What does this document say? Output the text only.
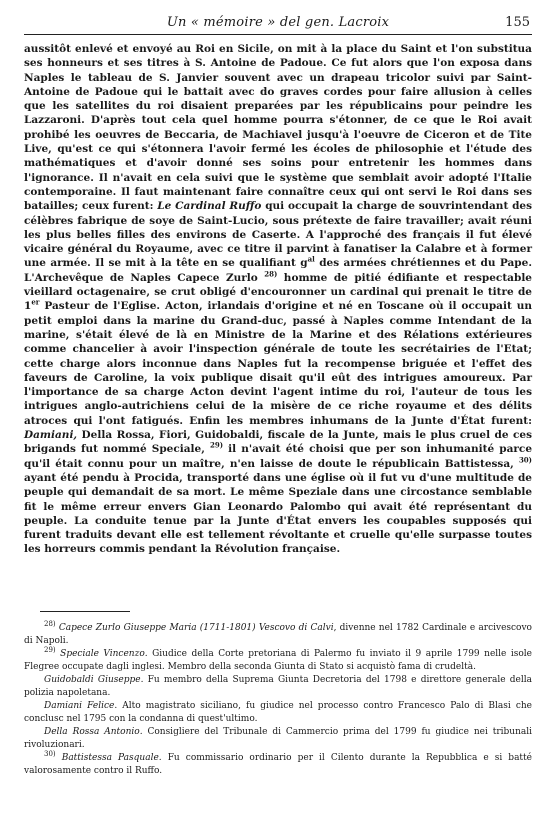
Un « mémoire » del gen. Lacroix	155

aussitôt enlevé et envoyé au Roi en Sicile, on mit à la place du Saint et l'on substitua ses honneurs et ses titres à S. Antoine de Padoue. Ce fut alors que l'on exposa dans Naples le tableau de S. Janvier souvent avec un drapeau tricolor suivi par Saint-Antoine de Padoue qui le battait avec do graves cordes pour faire allusion à celles que les satellites du roi disaient preparées par les républicains pour peindre les Lazzaroni. D'après tout cela quel homme pourra s'étonner, de ce que le Roi avait prohibé les oeuvres de Beccaria, de Machiavel jusqu'à l'oeuvre de Ciceron et de Tite Live, qu'est ce qui s'étonnera l'avoir fermé les écoles de philosophie et l'étude des mathématiques et d'avoir donné ses soins pour entretenir les hommes dans l'ignorance. Il n'avait en cela suivi que le système que semblait avoir adopté l'Italie contemporaine. Il faut maintenant faire connaître ceux qui ont servi le Roi dans ses batailles; ceux furent: Le Cardinal Ruffo qui occupait la charge de souvrintendant des célèbres fabrique de soye de Saint-Lucio, sous prétexte de faire travailler; avait réuni les plus belles filles des environs de Caserte. A l'approché des français il fut élevé vicaire général du Royaume, avec ce titre il parvint à fanatiser la Calabre et à former une armée. Il se mit à la tête en se qualifiant $g^{al}$ des armées chrétiennes et du Pape. L'Archevêque de Naples Capece Zurlo $^{28)}$ homme de pitié édifiante et respectable vieillard octagenaire, se crut obligé d'encouronner un cardinal qui prenait le titre de 1er Pasteur de l'Eglise. Acton, irlandais d'origine et né en Toscane où il occupait un petit emploi dans la marine du Grand-duc, passé à Naples comme Intendant de la marine, s'était élevé de là en Ministre de la Marine et des Rélations extérieures comme chancelier à avoir l'inspection générale de toute les secrétairies de l'Etat; cette charge alors inconnue dans Naples fut la recompense briguée et l'effet des faveurs de Caroline, la voix publique disait qu'il eût des intrigues amoureux. Par l'importance de sa charge Acton devint l'agent intime du roi, l'auteur de tous les intrigues anglo-autrichiens celui de la misère de ce riche royaume et des délits atroces qui l'ont fatigués. Enfin les membres inhumans de la Junte d'État furent: Damiani, Della Rossa, Fiori, Guidobaldi, fiscale de la Junte, mais le plus cruel de ces brigands fut nommé Speciale, $^{29)}$ il n'avait été choisi que per son inhumanité parce qu'il était connu pour un maître, n'en laisse de doute le républicain Battistessa, $^{30)}$ ayant été pendu à Procida, transporté dans une église où il fut vu d'une multitude de peuple qui demandait de sa mort. Le même Speziale dans une circostance semblable fit le même erreur envers Gian Leonardo Palombo qui avait été représentant du peuple. La conduite tenue par la Junte d'État envers les coupables supposés qui furent traduits devant elle est tellement révoltante et cruelle qu'elle surpasse toutes les horreurs commis pendant la Révolution française.

$^{28)}$ Capece Zurlo Giuseppe Maria (1711-1801) Vescovo di Calvi, divenne nel 1782 Cardinale e arcivescovo di Napoli.

$^{29)}$ Speciale Vincenzo. Giudice della Corte pretoriana di Palermo fu inviato il 9 aprile 1799 nelle isole Flegree occupate dagli inglesi. Membro della seconda Giunta di Stato si acquistò fama di crudeltà.

Guidobaldi Giuseppe. Fu membro della Suprema Giunta Decretoria del 1798 e direttore generale della polizia napoletana.

Damiani Felice. Alto magistrato siciliano, fu giudice nel processo contro Francesco Palo di Blasi che conclusc nel 1795 con la condanna di quest'ultimo.

Della Rossa Antonio. Consigliere del Tribunale di Cammercio prima del 1799 fu giudice nei tribunali rivoluzionari.

$^{30)}$ Battistessa Pasquale. Fu commissario ordinario per il Cilento durante la Repubblica e si batté valorosamente contro il Ruffo.
